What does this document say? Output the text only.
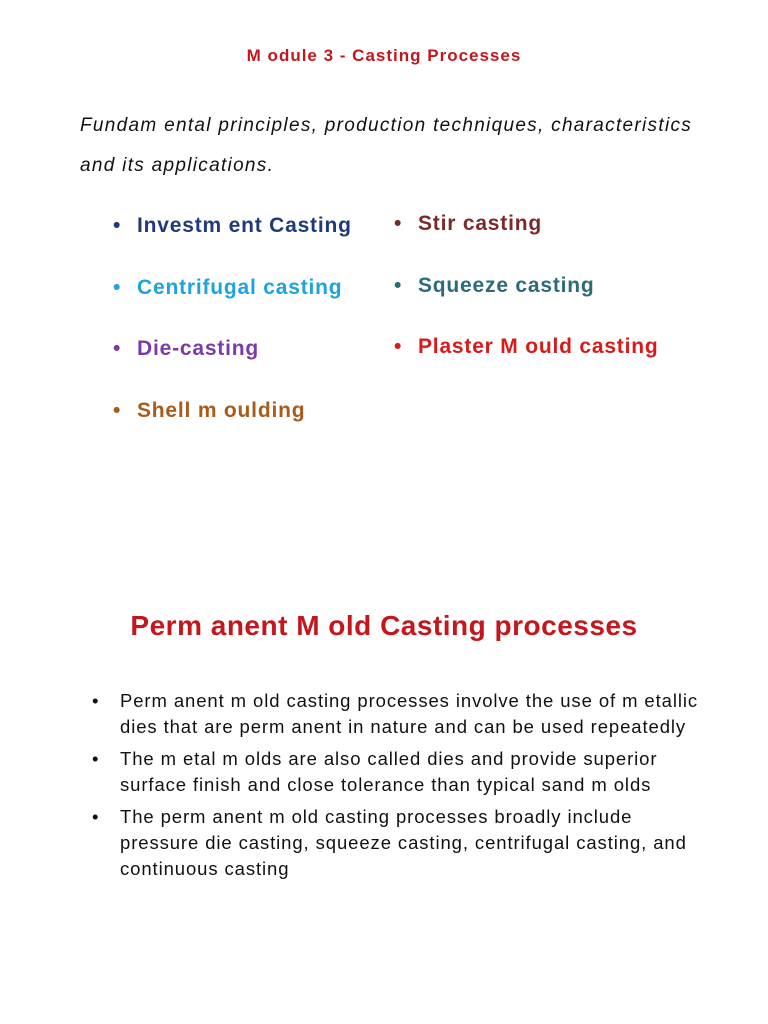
M odule 3 - Casting Processes
Fundam ental principles, production techniques, characteristics and its applications.
• Investm ent Casting
• Centrifugal casting
• Die-casting
• Shell m oulding
• Stir casting
• Squeeze casting
• Plaster M ould casting
Perm anent M old Casting processes
• Perm anent m old casting processes involve the use of m etallic dies that are perm anent in nature and can be used repeatedly
• The m etal m olds are also called dies and provide superior surface finish and close tolerance than typical sand m olds
• The perm anent m old casting processes broadly include pressure die casting, squeeze casting, centrifugal casting, and continuous casting
